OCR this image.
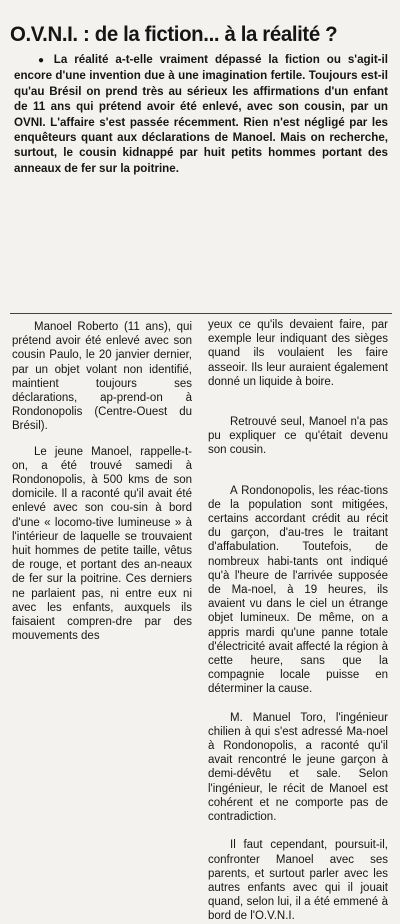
O.V.N.I. : de la fiction... à la réalité ?
● La réalité a-t-elle vraiment dépassé la fiction ou s'agit-il encore d'une invention due à une imagination fertile. Toujours est-il qu'au Brésil on prend très au sérieux les affirmations d'un enfant de 11 ans qui prétend avoir été enlevé, avec son cousin, par un OVNI. L'affaire s'est passée récemment. Rien n'est négligé par les enquêteurs quant aux déclarations de Manoel. Mais on recherche, surtout, le cousin kidnappé par huit petits hommes portant des anneaux de fer sur la poitrine.

Manoel Roberto (11 ans), qui prétend avoir été enlevé avec son cousin Paulo, le 20 janvier dernier, par un objet volant non identifié, maintient toujours ses déclarations, ap-prend-on à Rondonopolis (Centre-Ouest du Brésil).

Le jeune Manoel, rappelle-t-on, a été trouvé samedi à Rondonopolis, à 500 kms de son domicile. Il a raconté qu'il avait été enlevé avec son cou-sin à bord d'une « locomo-tive lumineuse » à l'intérieur de laquelle se trouvaient huit hommes de petite taille, vêtus de rouge, et portant des an-neaux de fer sur la poitrine. Ces derniers ne parlaient pas, ni entre eux ni avec les enfants, auxquels ils faisaient compren-dre par des mouvements des

yeux ce qu'ils devaient faire, par exemple leur indiquant des sièges quand ils voulaient les faire asseoir. Ils leur auraient également donné un liquide à boire.

Retrouvé seul, Manoel n'a pas pu expliquer ce qu'était devenu son cousin.

A Rondonopolis, les réac-tions de la population sont mitigées, certains accordant crédit au récit du garçon, d'au-tres le traitant d'affabulation. Toutefois, de nombreux habi-tants ont indiqué qu'à l'heure de l'arrivée supposée de Ma-noel, à 19 heures, ils avaient vu dans le ciel un étrange objet lumineux. De même, on a appris mardi qu'une panne totale d'électricité avait affecté la région à cette heure, sans que la compagnie locale puisse en déterminer la cause.

M. Manuel Toro, l'ingénieur chilien à qui s'est adressé Ma-noel à Rondonopolis, a raconté qu'il avait rencontré le jeune garçon à demi-dévêtu et sale. Selon l'ingénieur, le récit de Manoel est cohérent et ne comporte pas de contradiction.

Il faut cependant, poursuit-il, confronter Manoel avec ses parents, et surtout parler avec les autres enfants avec qui il jouait quand, selon lui, il a été emmené à bord de l'O.V.N.I.
